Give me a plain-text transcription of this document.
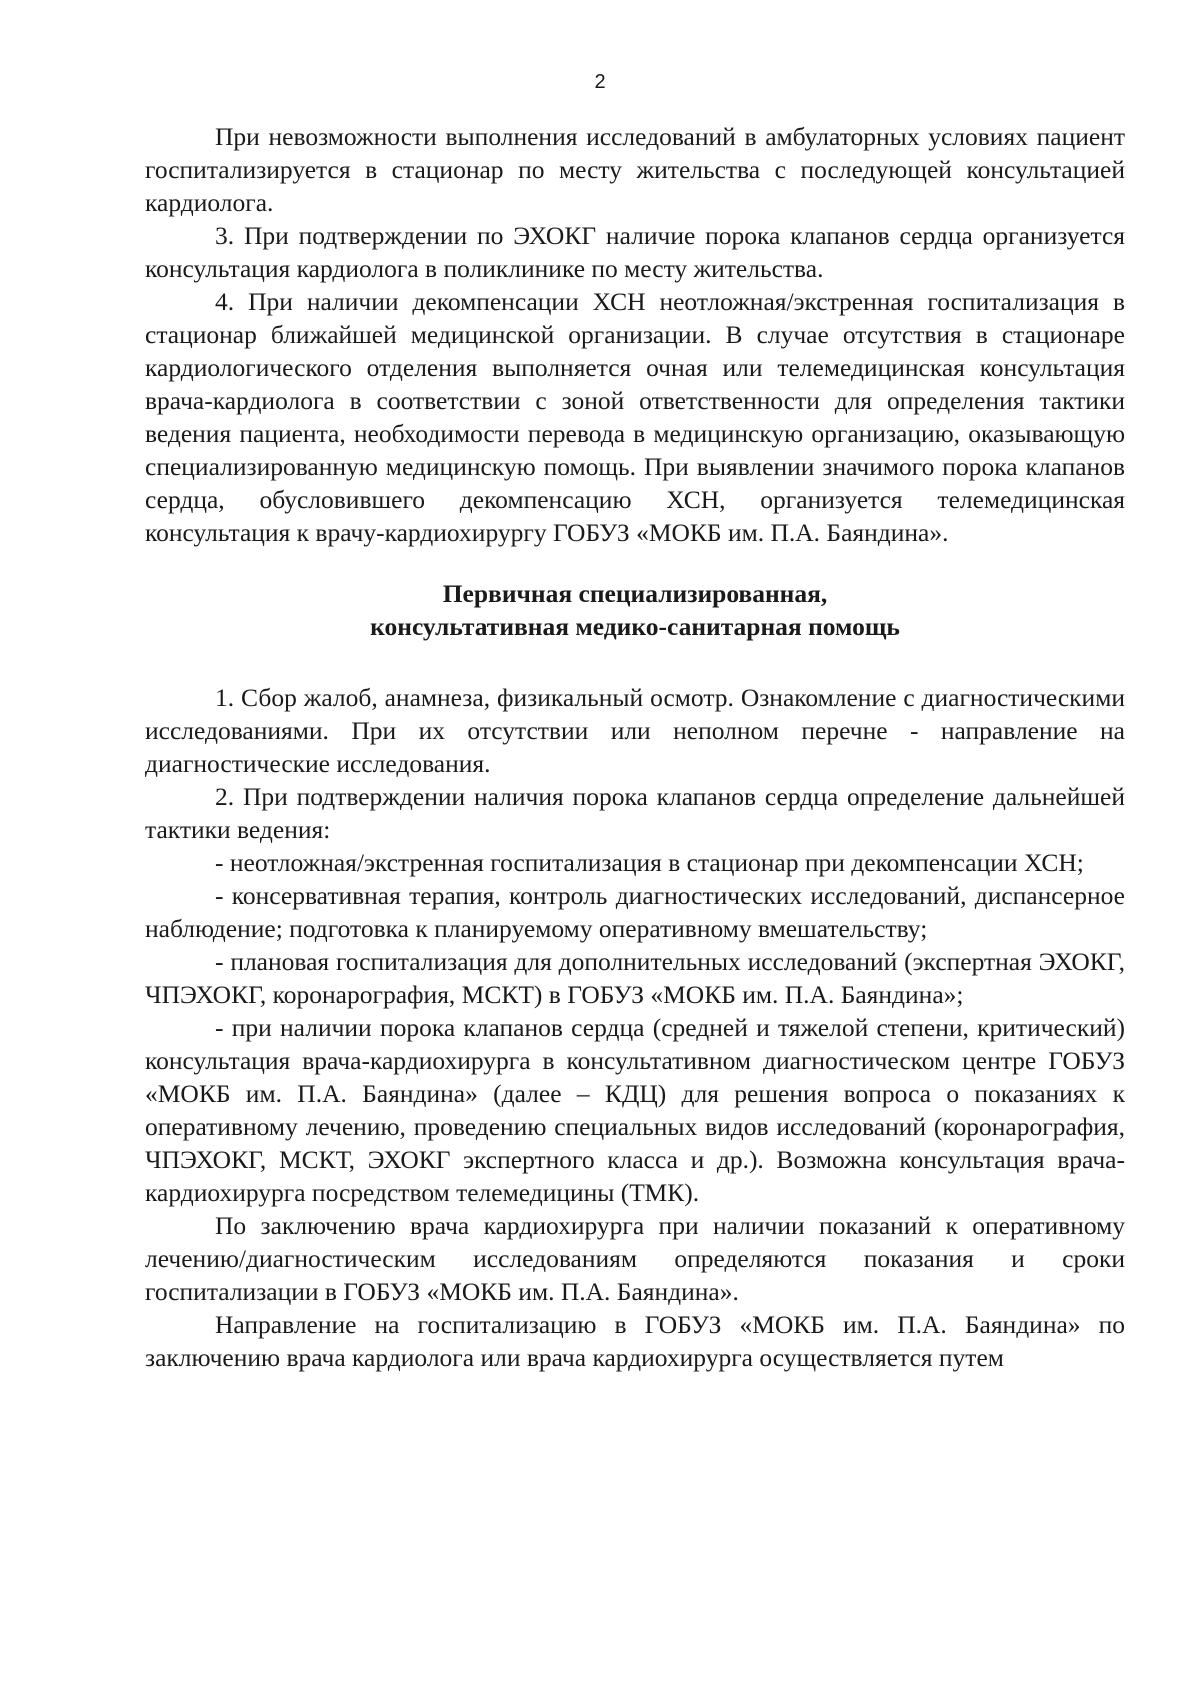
2

При невозможности выполнения исследований в амбулаторных условиях пациент госпитализируется в стационар по месту жительства с последующей консультацией кардиолога.

3. При подтверждении по ЭХОКГ наличие порока клапанов сердца организуется консультация кардиолога в поликлинике по месту жительства.

4. При наличии декомпенсации ХСН неотложная/экстренная госпитализация в стационар ближайшей медицинской организации. В случае отсутствия в стационаре кардиологического отделения выполняется очная или телемедицинская консультация врача-кардиолога в соответствии с зоной ответственности для определения тактики ведения пациента, необходимости перевода в медицинскую организацию, оказывающую специализированную медицинскую помощь. При выявлении значимого порока клапанов сердца, обусловившего декомпенсацию ХСН, организуется телемедицинская консультация к врачу-кардиохирургу ГОБУЗ «МОКБ им. П.А. Баяндина».

Первичная специализированная,
консультативная медико-санитарная помощь

1. Сбор жалоб, анамнеза, физикальный осмотр. Ознакомление с диагностическими исследованиями. При их отсутствии или неполном перечне - направление на диагностические исследования.

2. При подтверждении наличия порока клапанов сердца определение дальнейшей тактики ведения:

- неотложная/экстренная госпитализация в стационар при декомпенсации ХСН;

- консервативная терапия, контроль диагностических исследований, диспансерное наблюдение; подготовка к планируемому оперативному вмешательству;

- плановая госпитализация для дополнительных исследований (экспертная ЭХОКГ, ЧПЭХОКГ, коронарография, МСКТ) в ГОБУЗ «МОКБ им. П.А. Баяндина»;

- при наличии порока клапанов сердца (средней и тяжелой степени, критический) консультация врача-кардиохирурга в консультативном диагностическом центре ГОБУЗ «МОКБ им. П.А. Баяндина» (далее – КДЦ) для решения вопроса о показаниях к оперативному лечению, проведению специальных видов исследований (коронарография, ЧПЭХОКГ, МСКТ, ЭХОКГ экспертного класса и др.). Возможна консультация врача-кардиохирурга посредством телемедицины (ТМК).

По заключению врача кардиохирурга при наличии показаний к оперативному лечению/диагностическим исследованиям определяются показания и сроки госпитализации в ГОБУЗ «МОКБ им. П.А. Баяндина».

Направление на госпитализацию в ГОБУЗ «МОКБ им. П.А. Баяндина» по заключению врача кардиолога или врача кардиохирурга осуществляется путем
